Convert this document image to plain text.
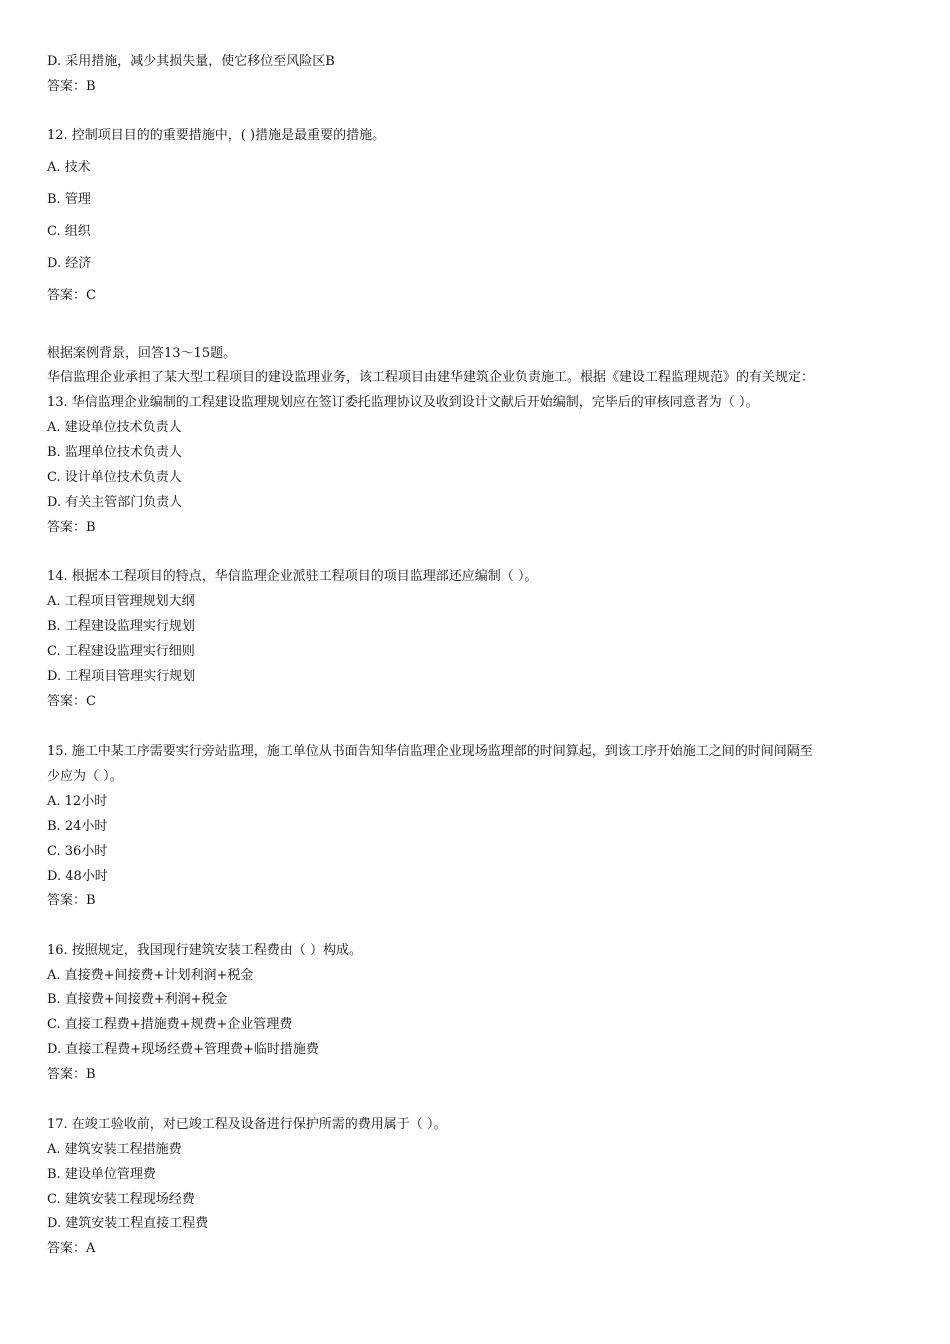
D. 采用措施，减少其损失量，使它移位至风险区B

答案：B

12. 控制项目目的的重要措施中，( )措施是最重要的措施。

A. 技术

B. 管理

C. 组织

D. 经济

答案：C

根据案例背景，回答13～15题。

华信监理企业承担了某大型工程项目的建设监理业务，该工程项目由建华建筑企业负责施工。根据《建设工程监理规范》的有关规定：

13. 华信监理企业编制的工程建设监理规划应在签订委托监理协议及收到设计文献后开始编制，完毕后的审核同意者为（ ）。

A. 建设单位技术负责人

B. 监理单位技术负责人

C. 设计单位技术负责人

D. 有关主管部门负责人

答案：B

14. 根据本工程项目的特点，华信监理企业派驻工程项目的项目监理部还应编制（ ）。

A. 工程项目管理规划大纲

B. 工程建设监理实行规划

C. 工程建设监理实行细则

D. 工程项目管理实行规划

答案：C

15. 施工中某工序需要实行旁站监理，施工单位从书面告知华信监理企业现场监理部的时间算起，到该工序开始施工之间的时间间隔至

少应为（ ）。

A. 12小时

B. 24小时

C. 36小时

D. 48小时

答案：B

16. 按照规定，我国现行建筑安装工程费由（ ）构成。

A. 直接费+间接费+计划利润+税金

B. 直接费+间接费+利润+税金

C. 直接工程费+措施费+规费+企业管理费

D. 直接工程费+现场经费+管理费+临时措施费

答案：B

17. 在竣工验收前，对已竣工程及设备进行保护所需的费用属于（ ）。

A. 建筑安装工程措施费

B. 建设单位管理费

C. 建筑安装工程现场经费

D. 建筑安装工程直接工程费

答案：A
